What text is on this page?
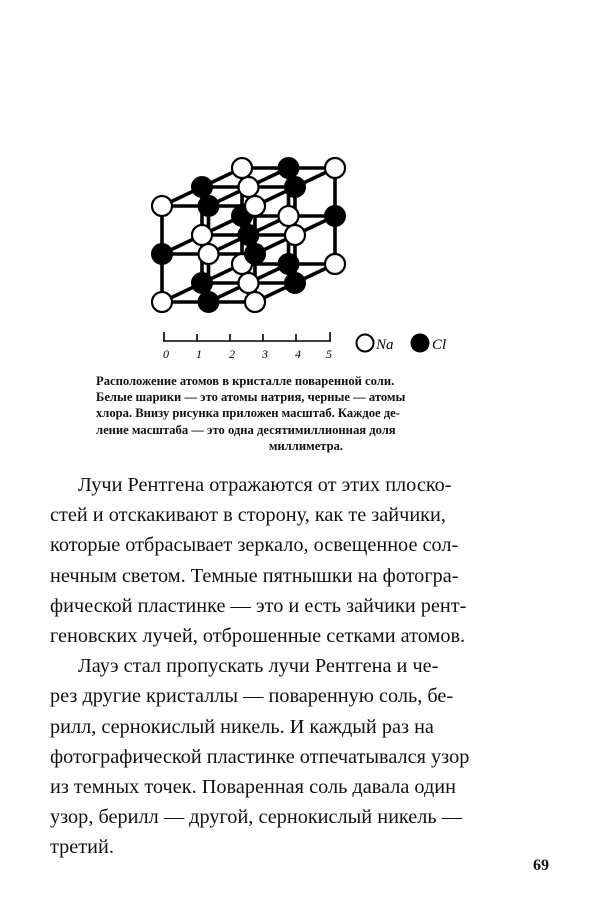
0 1 2 3 4 5
Na	Cl
Расположение атомов в кристалле поваренной соли.
Белые шарики — это атомы натрия, черные — атомы
хлора. Внизу рисунка приложен масштаб. Каждое де-
ление масштаба — это одна десятимиллионная доля
миллиметра.
Лучи Рентгена отражаются от этих плоско-
стей и отскакивают в сторону, как те зайчики,
которые отбрасывает зеркало, освещенное сол-
нечным светом. Темные пятнышки на фотогра-
фической пластинке — это и есть зайчики рент-
геновских лучей, отброшенные сетками атомов.
Лауэ стал пропускать лучи Рентгена и че-
рез другие кристаллы — поваренную соль, бе-
рилл, сернокислый никель. И каждый раз на
фотографической пластинке отпечатывался узор
из темных точек. Поваренная соль давала один
узор, берилл — другой, сернокислый никель —
третий.
69
